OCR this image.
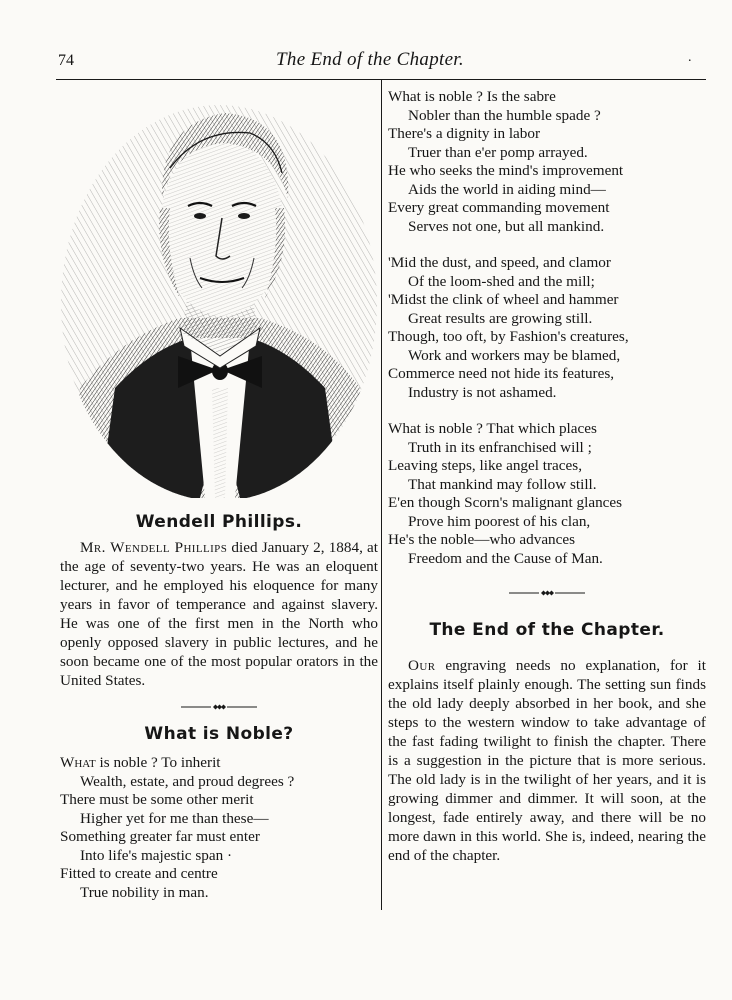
74	The End of the Chapter.	.
Wendell Phillips.

Mr. Wendell Phillips died January 2, 1884, at the age of seventy-two years. He was an eloquent lecturer, and he employed his eloquence for many years in favor of temperance and against slavery. He was one of the first men in the North who openly opposed slavery in public lectures, and he soon became one of the most popular orators in the United States.

What is Noble?
What is noble ? To inherit
Wealth, estate, and proud degrees ?
There must be some other merit
Higher yet for me than these—
Something greater far must enter
Into life's majestic span ·
Fitted to create and centre
True nobility in man.
What is noble ? Is the sabre
Nobler than the humble spade ?
There's a dignity in labor
Truer than e'er pomp arrayed.
He who seeks the mind's improvement
Aids the world in aiding mind—
Every great commanding movement
Serves not one, but all mankind.
'Mid the dust, and speed, and clamor
Of the loom-shed and the mill;
'Midst the clink of wheel and hammer
Great results are growing still.
Though, too oft, by Fashion's creatures,
Work and workers may be blamed,
Commerce need not hide its features,
Industry is not ashamed.
What is noble ? That which places
Truth in its enfranchised will ;
Leaving steps, like angel traces,
That mankind may follow still.
E'en though Scorn's malignant glances
Prove him poorest of his clan,
He's the noble—who advances
Freedom and the Cause of Man.
The End of the Chapter.

Our engraving needs no explanation, for it explains itself plainly enough. The setting sun finds the old lady deeply absorbed in her book, and she steps to the western window to take advantage of the fast fading twilight to finish the chapter. There is a suggestion in the picture that is more serious. The old lady is in the twilight of her years, and it is growing dimmer and dimmer. It will soon, at the longest, fade entirely away, and there will be no more dawn in this world. She is, indeed, nearing the end of the chapter.
